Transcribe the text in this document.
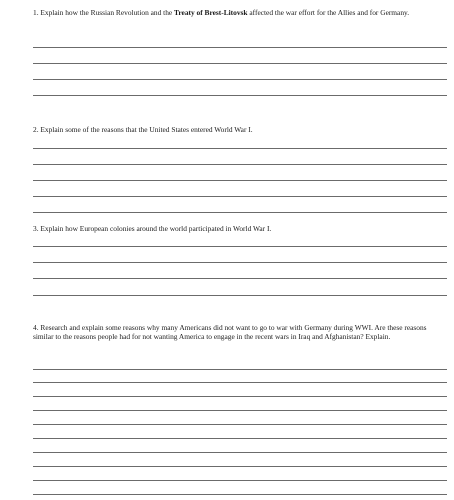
1. Explain how the Russian Revolution and the Treaty of Brest-Litovsk affected the war effort for the Allies and for Germany.
2. Explain some of the reasons that the United States entered World War I.
3. Explain how European colonies around the world participated in World War I.
4. Research and explain some reasons why many Americans did not want to go to war with Germany during WWI. Are these reasons similar to the reasons people had for not wanting America to engage in the recent wars in Iraq and Afghanistan? Explain.
